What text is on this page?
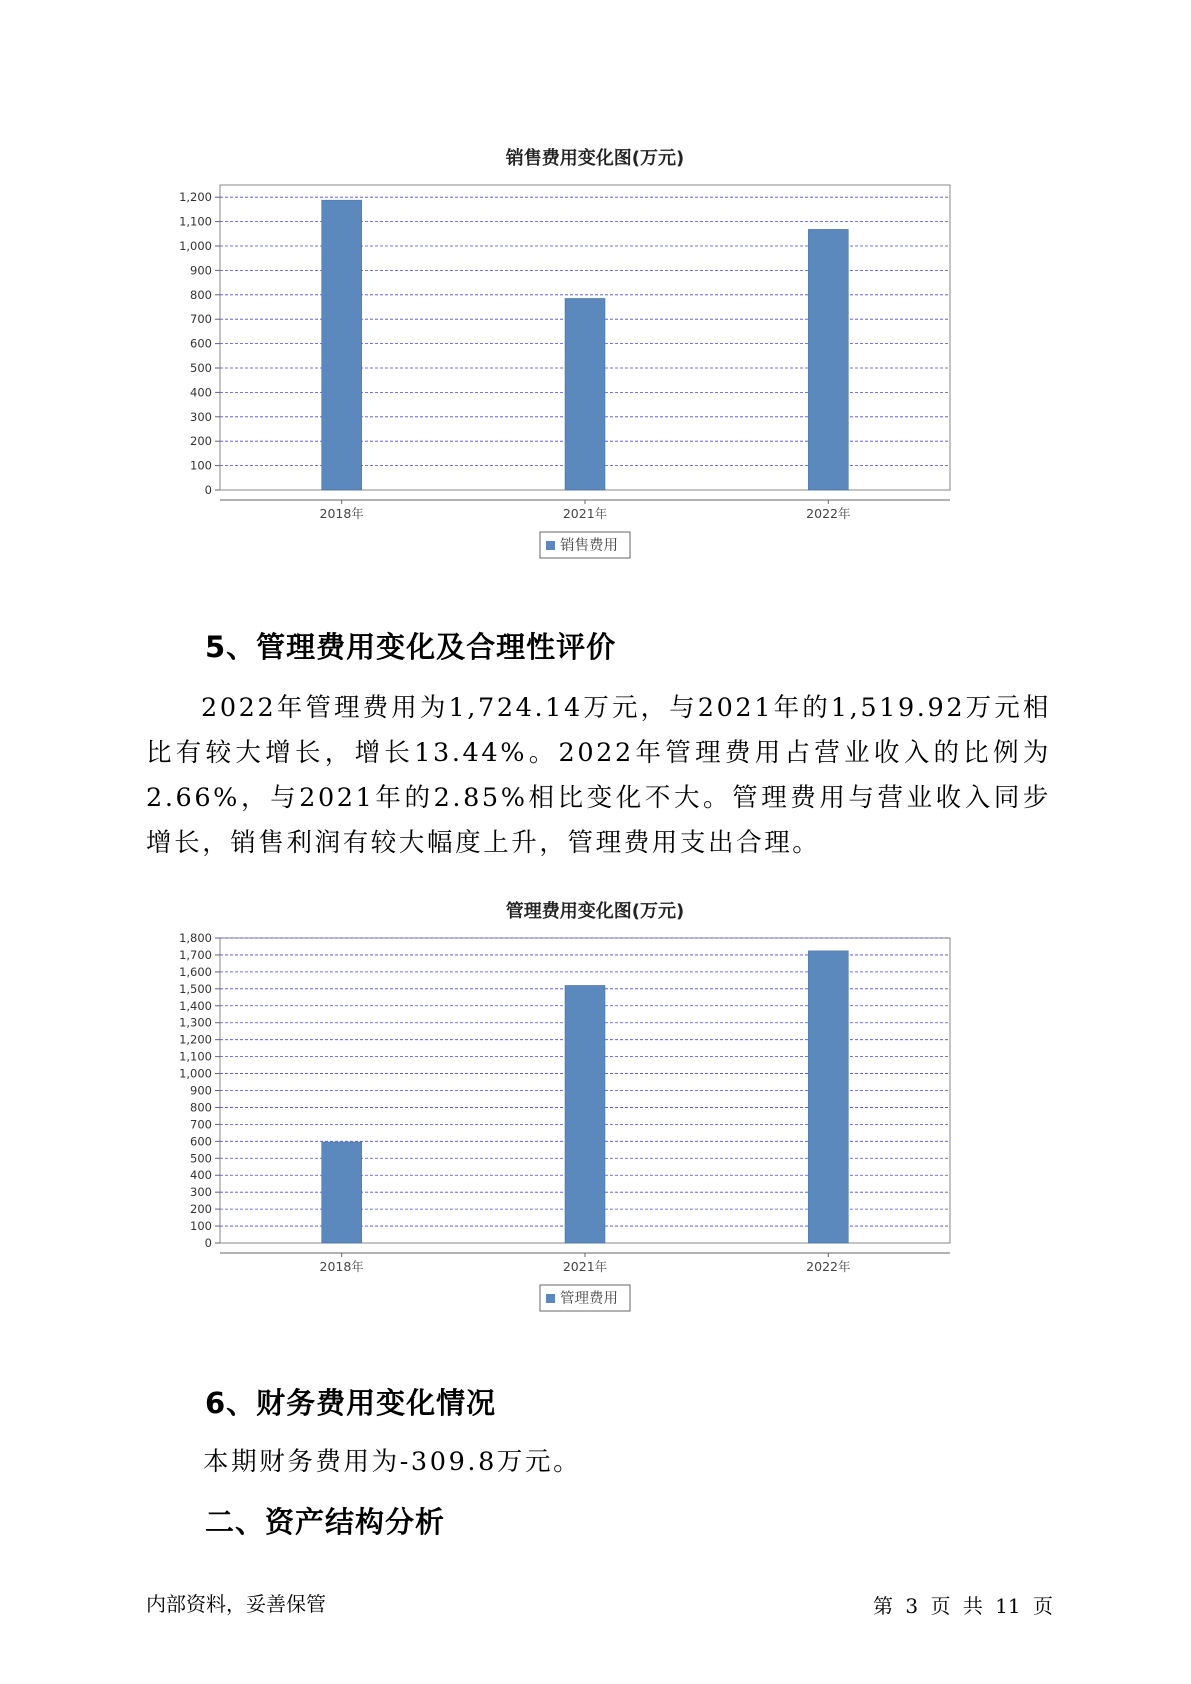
销售费用变化图(万元)
0
100
200
300
400
500
600
700
800
900
1,000
1,100
1,200
2018年	2021年	2022年
销售费用
5、管理费用变化及合理性评价
2022年管理费用为1,724.14万元，与2021年的1,519.92万元相比有较大增长，增长13.44%。2022年管理费用占营业收入的比例为2.66%，与2021年的2.85%相比变化不大。管理费用与营业收入同步增长，销售利润有较大幅度上升，管理费用支出合理。
管理费用变化图(万元)
0
100
200
300
400
500
600
700
800
900
1,000
1,100
1,200
1,300
1,400
1,500
1,600
1,700
1,800
2018年	2021年	2022年
管理费用
6、财务费用变化情况
本期财务费用为-309.8万元。
二、资产结构分析
内部资料，妥善保管	第 3 页 共 11 页
